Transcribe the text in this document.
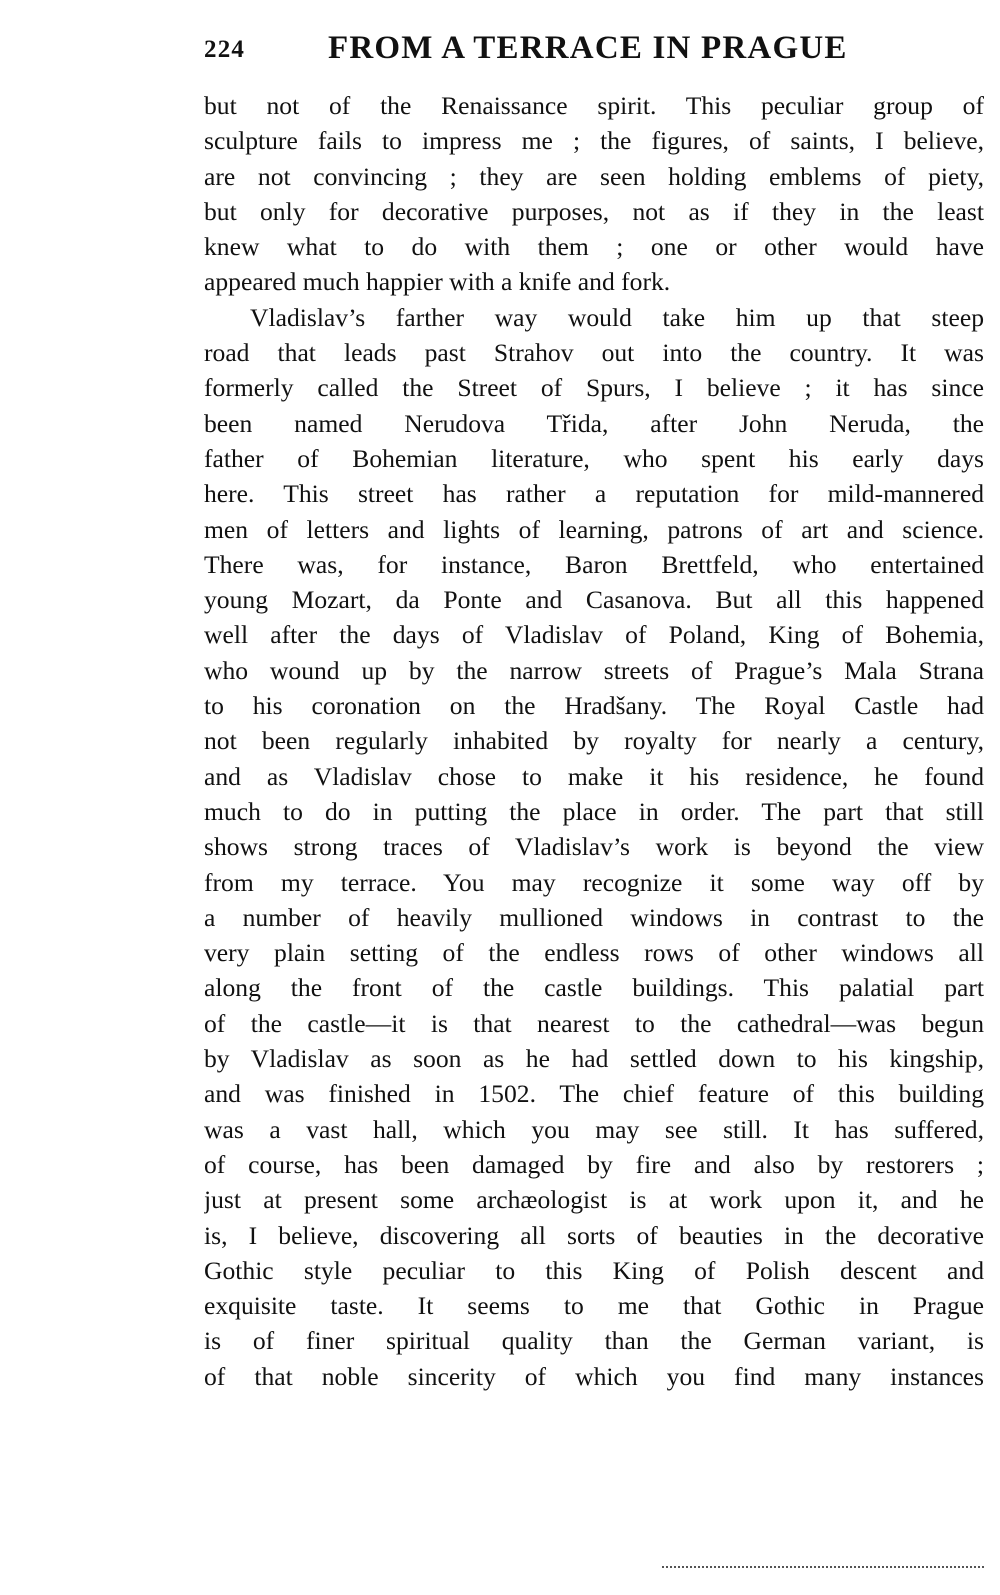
224	FROM A TERRACE IN PRAGUE
but not of the Renaissance spirit. This peculiar group of
sculpture fails to impress me ; the figures, of saints, I believe,
are not convincing ; they are seen holding emblems of piety,
but only for decorative purposes, not as if they in the least
knew what to do with them ; one or other would have
appeared much happier with a knife and fork.
Vladislav’s farther way would take him up that steep
road that leads past Strahov out into the country. It was
formerly called the Street of Spurs, I believe ; it has since
been named Nerudova Třida, after John Neruda, the
father of Bohemian literature, who spent his early days
here. This street has rather a reputation for mild-mannered
men of letters and lights of learning, patrons of art and science.
There was, for instance, Baron Brettfeld, who entertained
young Mozart, da Ponte and Casanova. But all this happened
well after the days of Vladislav of Poland, King of Bohemia,
who wound up by the narrow streets of Prague’s Mala Strana
to his coronation on the Hradšany. The Royal Castle had
not been regularly inhabited by royalty for nearly a century,
and as Vladislav chose to make it his residence, he found
much to do in putting the place in order. The part that still
shows strong traces of Vladislav’s work is beyond the view
from my terrace. You may recognize it some way off by
a number of heavily mullioned windows in contrast to the
very plain setting of the endless rows of other windows all
along the front of the castle buildings. This palatial part
of the castle—it is that nearest to the cathedral—was begun
by Vladislav as soon as he had settled down to his kingship,
and was finished in 1502. The chief feature of this building
was a vast hall, which you may see still. It has suffered,
of course, has been damaged by fire and also by restorers ;
just at present some archæologist is at work upon it, and he
is, I believe, discovering all sorts of beauties in the decorative
Gothic style peculiar to this King of Polish descent and
exquisite taste. It seems to me that Gothic in Prague
is of finer spiritual quality than the German variant, is
of that noble sincerity of which you find many instances
